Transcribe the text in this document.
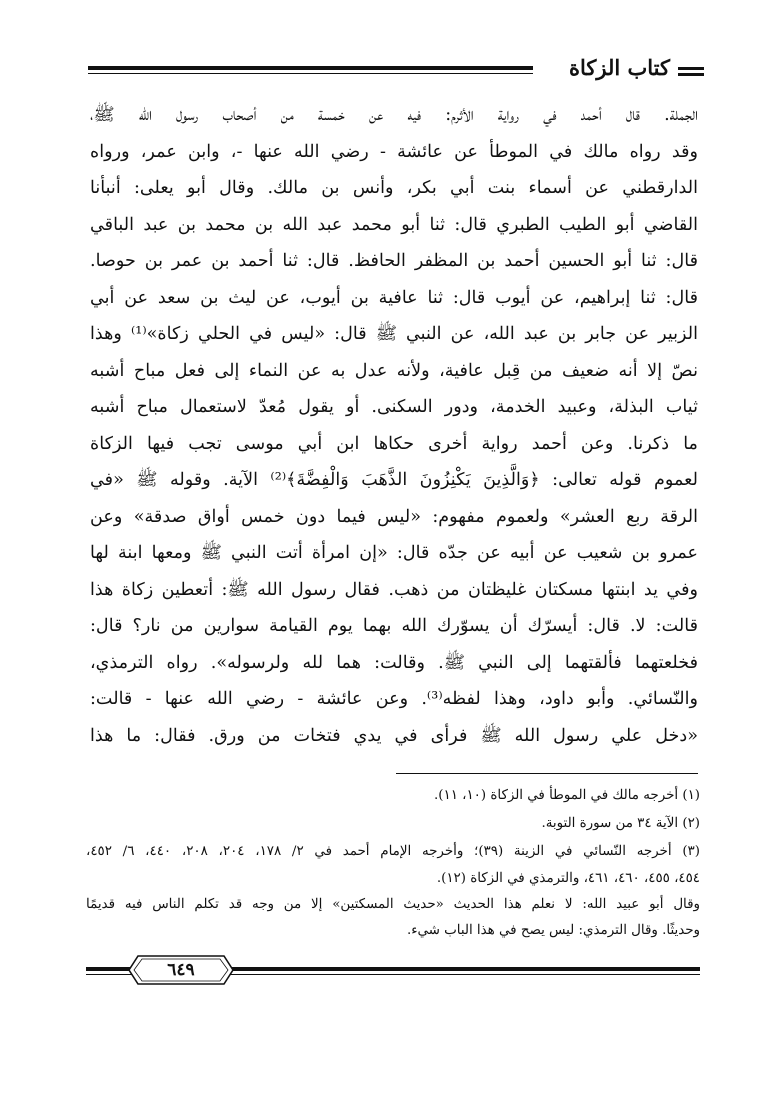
كتاب الزكاة
الجملة. قال أحمد في رواية الأثرم: فيه عن خمسة من أصحاب رسول الله ﷺ،
وقد رواه مالك في الموطأ عن عائشة - رضي الله عنها -، وابن عمر، ورواه
الدارقطني عن أسماء بنت أبي بكر، وأنس بن مالك. وقال أبو يعلى: أنبأنا
القاضي أبو الطيب الطبري قال: ثنا أبو محمد عبد الله بن محمد بن عبد الباقي
قال: ثنا أبو الحسين أحمد بن المظفر الحافظ. قال: ثنا أحمد بن عمر بن حوصا.
قال: ثنا إبراهيم، عن أيوب قال: ثنا عافية بن أيوب، عن ليث بن سعد عن أبي
الزبير عن جابر بن عبد الله، عن النبي ﷺ قال: «ليس في الحلي زكاة»⁽¹⁾ وهذا
نصّ إلا أنه ضعيف من قِبل عافية، ولأنه عدل به عن النماء إلى فعل مباح أشبه
ثياب البذلة، وعبيد الخدمة، ودور السكنى. أو يقول مُعدّ لاستعمال مباح أشبه
ما ذكرنا. وعن أحمد رواية أخرى حكاها ابن أبي موسى تجب فيها الزكاة
لعموم قوله تعالى: ﴿وَالَّذِينَ يَكْنِزُونَ الذَّهَبَ وَالْفِضَّةَ﴾⁽²⁾ الآية. وقوله ﷺ «في
الرقة ربع العشر» ولعموم مفهوم: «ليس فيما دون خمس أواق صدقة» وعن
عمرو بن شعيب عن أبيه عن جدّه قال: «إن امرأة أتت النبي ﷺ ومعها ابنة لها
وفي يد ابنتها مسكتان غليظتان من ذهب. فقال رسول الله ﷺ: أتعطين زكاة هذا
قالت: لا. قال: أيسرّك أن يسوّرك الله بهما يوم القيامة سوارين من نار؟ قال:
فخلعتهما فألقتهما إلى النبي ﷺ. وقالت: هما لله ولرسوله». رواه الترمذي،
والنّسائي. وأبو داود، وهذا لفظه⁽³⁾. وعن عائشة - رضي الله عنها - قالت:
«دخل علي رسول الله ﷺ فرأى في يدي فتخات من ورق. فقال: ما هذا
(١) أخرجه مالك في الموطأ في الزكاة (١٠، ١١).
(٢) الآية ٣٤ من سورة التوبة.
(٣) أخرجه النّسائي في الزينة (٣٩)؛ وأخرجه الإمام أحمد في ٢/ ١٧٨، ٢٠٤، ٢٠٨، ٤٤٠، ٦/ ٤٥٢،
٤٥٤، ٤٥٥، ٤٦٠، ٤٦١، والترمذي في الزكاة (١٢).
وقال أبو عبيد الله: لا نعلم هذا الحديث «حديث المسكتين» إلا من وجه قد تكلم الناس فيه قديمًا
وحديثًا. وقال الترمذي: ليس يصح في هذا الباب شيء.
٦٤٩
